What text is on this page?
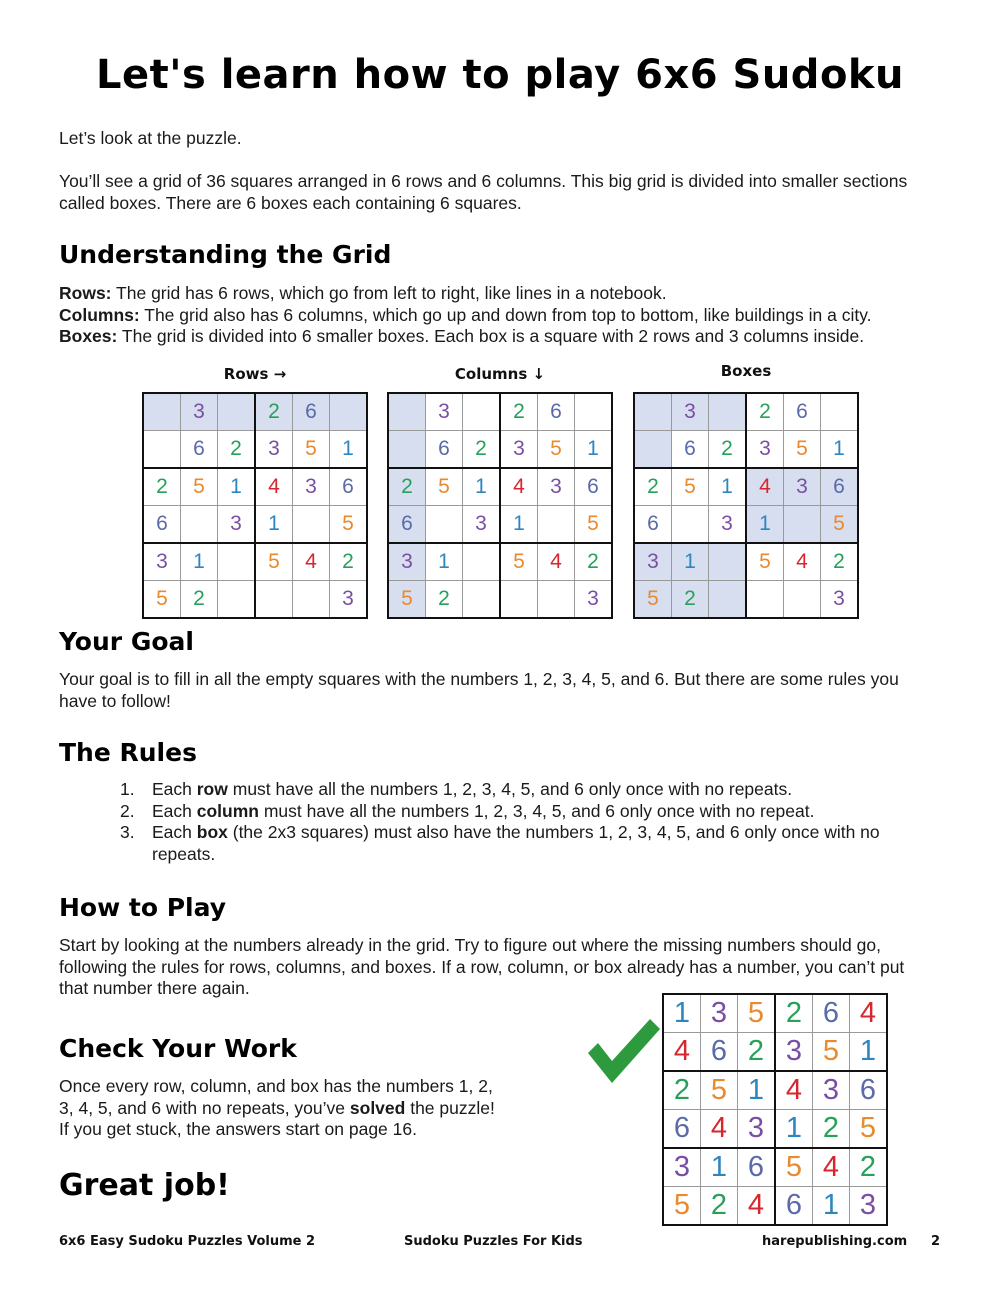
Let's learn how to play 6x6 Sudoku

Let’s look at the puzzle.

You’ll see a grid of 36 squares arranged in 6 rows and 6 columns. This big grid is divided into smaller sections called boxes. There are 6 boxes each containing 6 squares.

Understanding the Grid

Rows: The grid has 6 rows, which go from left to right, like lines in a notebook.
Columns: The grid also has 6 columns, which go up and down from top to bottom, like buildings in a city.
Boxes: The grid is divided into 6 smaller boxes. Each box is a square with 2 rows and 3 columns inside.

Rows →	Columns ↓	Boxes
	3		2	6	
	6	2	3	5	1
2	5	1	4	3	6
6		3	1		5
3	1		5	4	2
5	2				3
	3		2	6	
	6	2	3	5	1
2	5	1	4	3	6
6		3	1		5
3	1		5	4	2
5	2				3
	3		2	6	
	6	2	3	5	1
2	5	1	4	3	6
6		3	1		5
3	1		5	4	2
5	2				3
Your Goal

Your goal is to fill in all the empty squares with the numbers 1, 2, 3, 4, 5, and 6. But there are some rules you have to follow!

The Rules
1. Each row must have all the numbers 1, 2, 3, 4, 5, and 6 only once with no repeats.
2. Each column must have all the numbers 1, 2, 3, 4, 5, and 6 only once with no repeat.
3. Each box (the 2x3 squares) must also have the numbers 1, 2, 3, 4, 5, and 6 only once with no repeats.
How to Play

Start by looking at the numbers already in the grid. Try to figure out where the missing numbers should go, following the rules for rows, columns, and boxes. If a row, column, or box already has a number, you can’t put that number there again.

Check Your Work

Once every row, column, and box has the numbers 1, 2, 3, 4, 5, and 6 with no repeats, you’ve solved the puzzle! If you get stuck, the answers start on page 16.

Great job!
1	3	5	2	6	4
4	6	2	3	5	1
2	5	1	4	3	6
6	4	3	1	2	5
3	1	6	5	4	2
5	2	4	6	1	3
6x6 Easy Sudoku Puzzles Volume 2	Sudoku Puzzles For Kids	harepublishing.com 2
